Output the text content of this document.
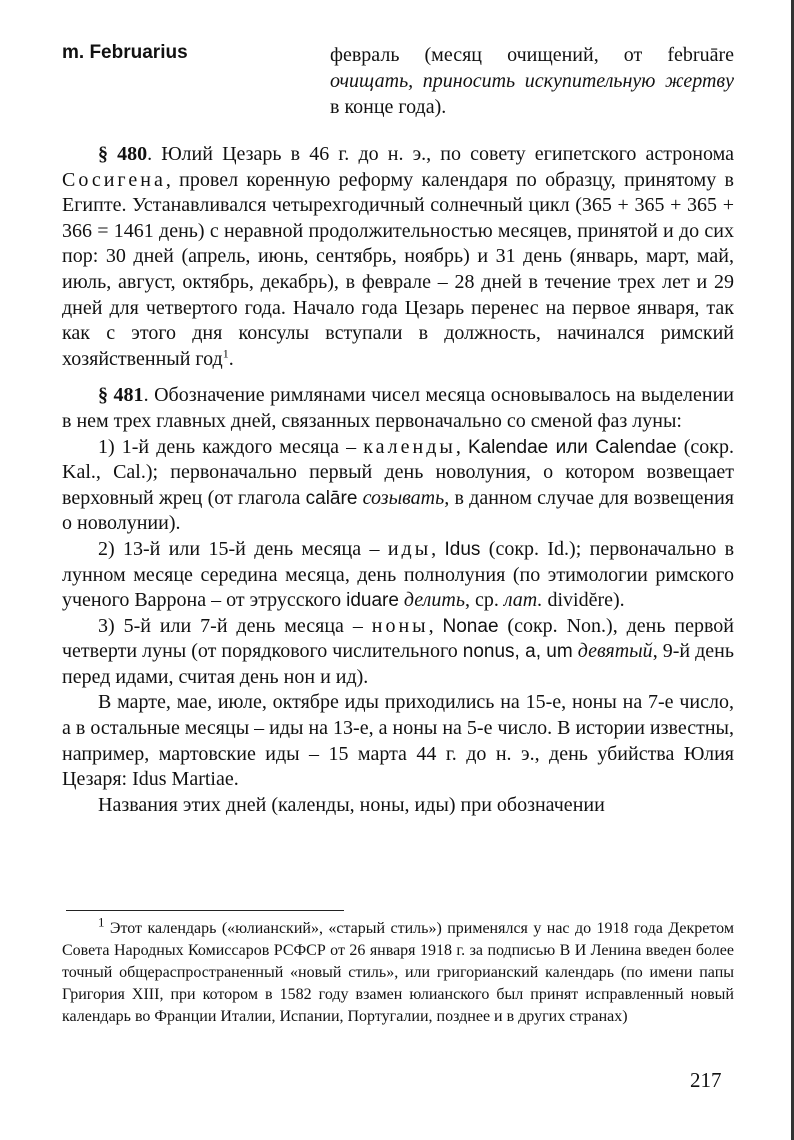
m. Februarius	февраль (месяц очищений, от februāre очищать, приносить искупительную жертву в конце года).

§ 480. Юлий Цезарь в 46 г. до н. э., по совету египетского астронома Сосигена, провел коренную реформу календаря по образцу, принятому в Египте. Устанавливался четырехгодичный солнечный цикл (365 + 365 + 365 + 366 = 1461 день) с неравной продолжительностью месяцев, принятой и до сих пор: 30 дней (апрель, июнь, сентябрь, ноябрь) и 31 день (январь, март, май, июль, август, октябрь, декабрь), в феврале – 28 дней в течение трех лет и 29 дней для четвертого года. Начало года Цезарь перенес на первое января, так как с этого дня консулы вступали в должность, начинался римский хозяйственный год$^1$.

§ 481. Обозначение римлянами чисел месяца основывалось на выделении в нем трех главных дней, связанных первоначально со сменой фаз луны:

1) 1-й день каждого месяца – календы, Kalendae или Calendae (сокр. Kal., Cal.); первоначально первый день новолуния, о котором возвещает верховный жрец (от глагола calāre созывать, в данном случае для возвещения о новолунии).

2) 13-й или 15-й день месяца – иды, Idus (сокр. Id.); первоначально в лунном месяце середина месяца, день полнолуния (по этимологии римского ученого Варрона – от этрусского iduare делить, ср. лат. dividĕre).

3) 5-й или 7-й день месяца – ноны, Nonae (сокр. Non.), день первой четверти луны (от порядкового числительного nonus, a, um девятый, 9-й день перед идами, считая день нон и ид).

В марте, мае, июле, октябре иды приходились на 15-е, ноны на 7-е число, а в остальные месяцы – иды на 13-е, а ноны на 5-е число. В истории известны, например, мартовские иды – 15 марта 44 г. до н. э., день убийства Юлия Цезаря: Idus Martiae.

Названия этих дней (календы, ноны, иды) при обозначении

$^1$ Этот календарь («юлианский», «старый стиль») применялся у нас до 1918 года Декретом Совета Народных Комиссаров РСФСР от 26 января 1918 г. за подписью В И Ленина введен более точный общераспространенный «новый стиль», или григорианский календарь (по имени папы Григория XIII, при котором в 1582 году взамен юлианского был принят исправленный новый календарь во Франции Италии, Испании, Португалии, позднее и в других странах)

217
